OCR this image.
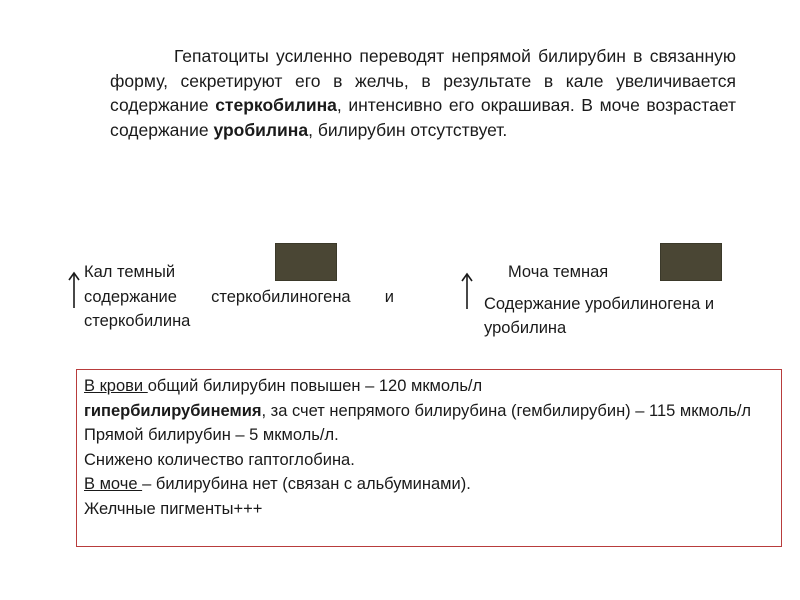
Гепатоциты усиленно переводят непрямой билирубин в связанную форму, секретируют его в желчь, в результате в кале увеличивается содержание стеркобилина, интенсивно его окрашивая. В моче возрастает содержание уробилина, билирубин отсутствует.

Кал темный

содержание стеркобилиногена и стеркобилина

Моча темная

Содержание уробилиногена и уробилина

В крови общий билирубин повышен – 120 мкмоль/л

гипербилирубинемия, за счет непрямого билирубина (гембилирубин) – 115 мкмоль/л

Прямой билирубин – 5 мкмоль/л.

Снижено количество гаптоглобина.

В моче – билирубина нет (связан с альбуминами).

Желчные пигменты+++
